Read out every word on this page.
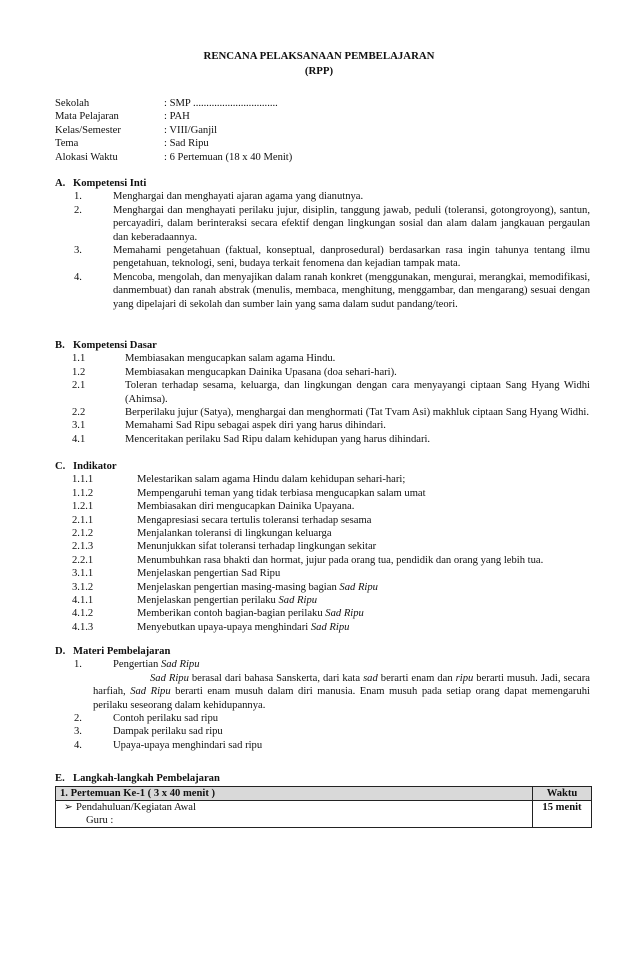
RENCANA PELAKSANAAN PEMBELAJARAN
(RPP)
Sekolah	: SMP ................................
Mata Pelajaran	: PAH
Kelas/Semester	: VIII/Ganjil
Tema	: Sad Ripu
Alokasi Waktu	: 6 Pertemuan (18 x 40 Menit)
A. Kompetensi Inti
1.	Menghargai dan menghayati ajaran agama yang dianutnya.
2.	Menghargai dan menghayati perilaku jujur, disiplin, tanggung jawab, peduli (toleransi, gotongroyong), santun, percayadiri, dalam berinteraksi secara efektif dengan lingkungan sosial dan alam dalam jangkauan pergaulan dan keberadaannya.
3.	Memahami pengetahuan (faktual, konseptual, danprosedural) berdasarkan rasa ingin tahunya tentang ilmu pengetahuan, teknologi, seni, budaya terkait fenomena dan kejadian tampak mata.
4.	Mencoba, mengolah, dan menyajikan dalam ranah konkret (menggunakan, mengurai, merangkai, memodifikasi, danmembuat) dan ranah abstrak (menulis, membaca, menghitung, menggambar, dan mengarang) sesuai dengan yang dipelajari di sekolah dan sumber lain yang sama dalam sudut pandang/teori.
B. Kompetensi Dasar
1.1	Membiasakan mengucapkan salam agama Hindu.
1.2	Membiasakan mengucapkan Dainika Upasana (doa sehari-hari).
2.1	Toleran terhadap sesama, keluarga, dan lingkungan dengan cara menyayangi ciptaan Sang Hyang Widhi (Ahimsa).
2.2	Berperilaku jujur (Satya), menghargai dan menghormati (Tat Tvam Asi) makhluk ciptaan Sang Hyang Widhi.
3.1	Memahami Sad Ripu sebagai aspek diri yang harus dihindari.
4.1	Menceritakan perilaku Sad Ripu dalam kehidupan yang harus dihindari.
C. Indikator
1.1.1	Melestarikan salam agama Hindu dalam kehidupan sehari-hari;
1.1.2	Mempengaruhi teman yang tidak terbiasa mengucapkan salam umat
1.2.1	Membiasakan diri mengucapkan Dainika Upayana.
2.1.1	Mengapresiasi secara tertulis toleransi terhadap sesama
2.1.2	Menjalankan toleransi di lingkungan keluarga
2.1.3	Menunjukkan sifat toleransi terhadap lingkungan sekitar
2.2.1	Menumbuhkan rasa bhakti dan hormat, jujur pada orang tua, pendidik dan orang yang lebih tua.
3.1.1	Menjelaskan pengertian Sad Ripu
3.1.2	Menjelaskan pengertian masing-masing bagian Sad Ripu
4.1.1	Menjelaskan pengertian perilaku Sad Ripu
4.1.2	Memberikan contoh bagian-bagian perilaku Sad Ripu
4.1.3	Menyebutkan upaya-upaya menghindari Sad Ripu
D. Materi Pembelajaran
1.	Pengertian Sad Ripu
Sad Ripu berasal dari bahasa Sanskerta, dari kata sad berarti enam dan ripu berarti musuh. Jadi, secara harfiah, Sad Ripu berarti enam musuh dalam diri manusia. Enam musuh pada setiap orang dapat memengaruhi perilaku seseorang dalam kehidupannya.
2.	Contoh perilaku sad ripu
3.	Dampak perilaku sad ripu
4.	Upaya-upaya menghindari sad ripu
E. Langkah-langkah Pembelajaran
1. Pertemuan Ke-1 ( 3 x 40 menit )	Waktu

➢ Pendahuluan/Kegiatan Awal
Guru :	15 menit
